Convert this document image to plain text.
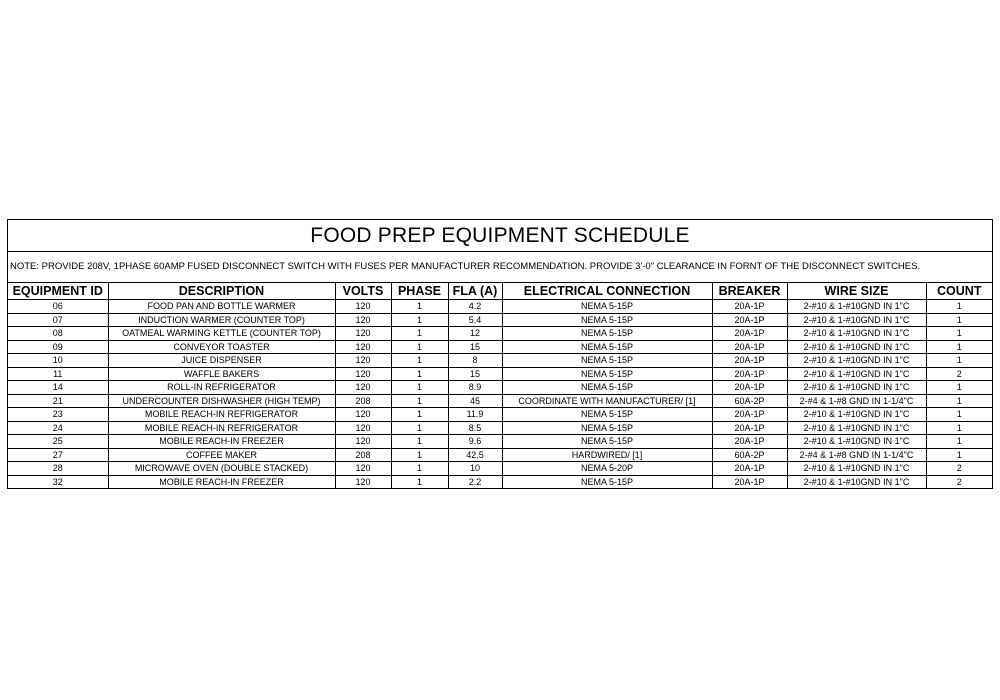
FOOD PREP EQUIPMENT SCHEDULE
NOTE: PROVIDE 208V, 1PHASE 60AMP FUSED DISCONNECT SWITCH WITH FUSES PER MANUFACTURER RECOMMENDATION. PROVIDE 3'-0" CLEARANCE IN FORNT OF THE DISCONNECT SWITCHES.
EQUIPMENT ID	DESCRIPTION	VOLTS	PHASE	FLA (A)	ELECTRICAL CONNECTION	BREAKER	WIRE SIZE	COUNT
06	FOOD PAN AND BOTTLE WARMER	120	1	4.2	NEMA 5-15P	20A-1P	2-#10 & 1-#10GND IN 1"C	1
07	INDUCTION WARMER (COUNTER TOP)	120	1	5.4	NEMA 5-15P	20A-1P	2-#10 & 1-#10GND IN 1"C	1
08	OATMEAL WARMING KETTLE (COUNTER TOP)	120	1	12	NEMA 5-15P	20A-1P	2-#10 & 1-#10GND IN 1"C	1
09	CONVEYOR TOASTER	120	1	15	NEMA 5-15P	20A-1P	2-#10 & 1-#10GND IN 1"C	1
10	JUICE DISPENSER	120	1	8	NEMA 5-15P	20A-1P	2-#10 & 1-#10GND IN 1"C	1
11	WAFFLE BAKERS	120	1	15	NEMA 5-15P	20A-1P	2-#10 & 1-#10GND IN 1"C	2
14	ROLL-IN REFRIGERATOR	120	1	8.9	NEMA 5-15P	20A-1P	2-#10 & 1-#10GND IN 1"C	1
21	UNDERCOUNTER DISHWASHER (HIGH TEMP)	208	1	45	COORDINATE WITH MANUFACTURER/ [1]	60A-2P	2-#4 & 1-#8 GND IN 1-1/4"C	1
23	MOBILE REACH-IN REFRIGERATOR	120	1	11.9	NEMA 5-15P	20A-1P	2-#10 & 1-#10GND IN 1"C	1
24	MOBILE REACH-IN REFRIGERATOR	120	1	8.5	NEMA 5-15P	20A-1P	2-#10 & 1-#10GND IN 1"C	1
25	MOBILE REACH-IN FREEZER	120	1	9.6	NEMA 5-15P	20A-1P	2-#10 & 1-#10GND IN 1"C	1
27	COFFEE MAKER	208	1	42.5	HARDWIRED/ [1]	60A-2P	2-#4 & 1-#8 GND IN 1-1/4"C	1
28	MICROWAVE OVEN (DOUBLE STACKED)	120	1	10	NEMA 5-20P	20A-1P	2-#10 & 1-#10GND IN 1"C	2
32	MOBILE REACH-IN FREEZER	120	1	2.2	NEMA 5-15P	20A-1P	2-#10 & 1-#10GND IN 1"C	2
